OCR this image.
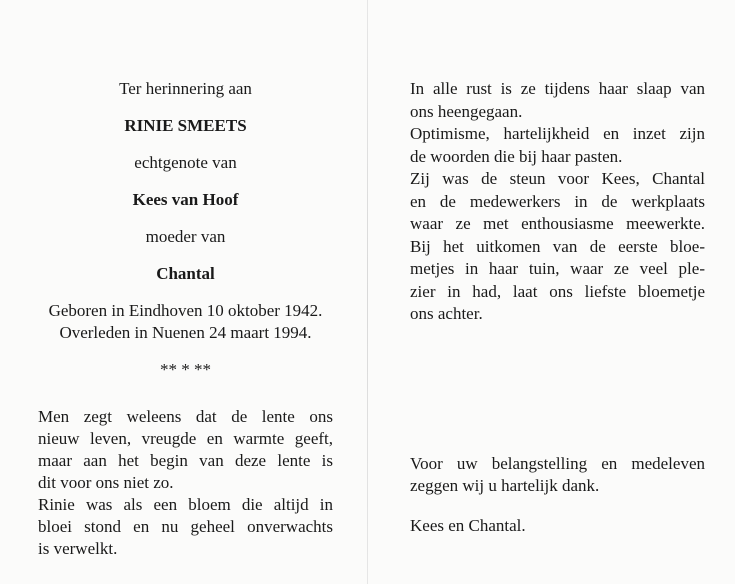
Ter herinnering aan
RINIE SMEETS
echtgenote van
Kees van Hoof
moeder van
Chantal
Geboren in Eindhoven 10 oktober 1942.
Overleden in Nuenen 24 maart 1994.
** * **
Men zegt weleens dat de lente ons
nieuw leven, vreugde en warmte geeft,
maar aan het begin van deze lente is
dit voor ons niet zo.
Rinie was als een bloem die altijd in
bloei stond en nu geheel onverwachts
is verwelkt.
In alle rust is ze tijdens haar slaap van
ons heengegaan.
Optimisme, hartelijkheid en inzet zijn
de woorden die bij haar pasten.
Zij was de steun voor Kees, Chantal
en de medewerkers in de werkplaats
waar ze met enthousiasme meewerkte.
Bij het uitkomen van de eerste bloe-
metjes in haar tuin, waar ze veel ple-
zier in had, laat ons liefste bloemetje
ons achter.
Voor uw belangstelling en medeleven
zeggen wij u hartelijk dank.
Kees en Chantal.
